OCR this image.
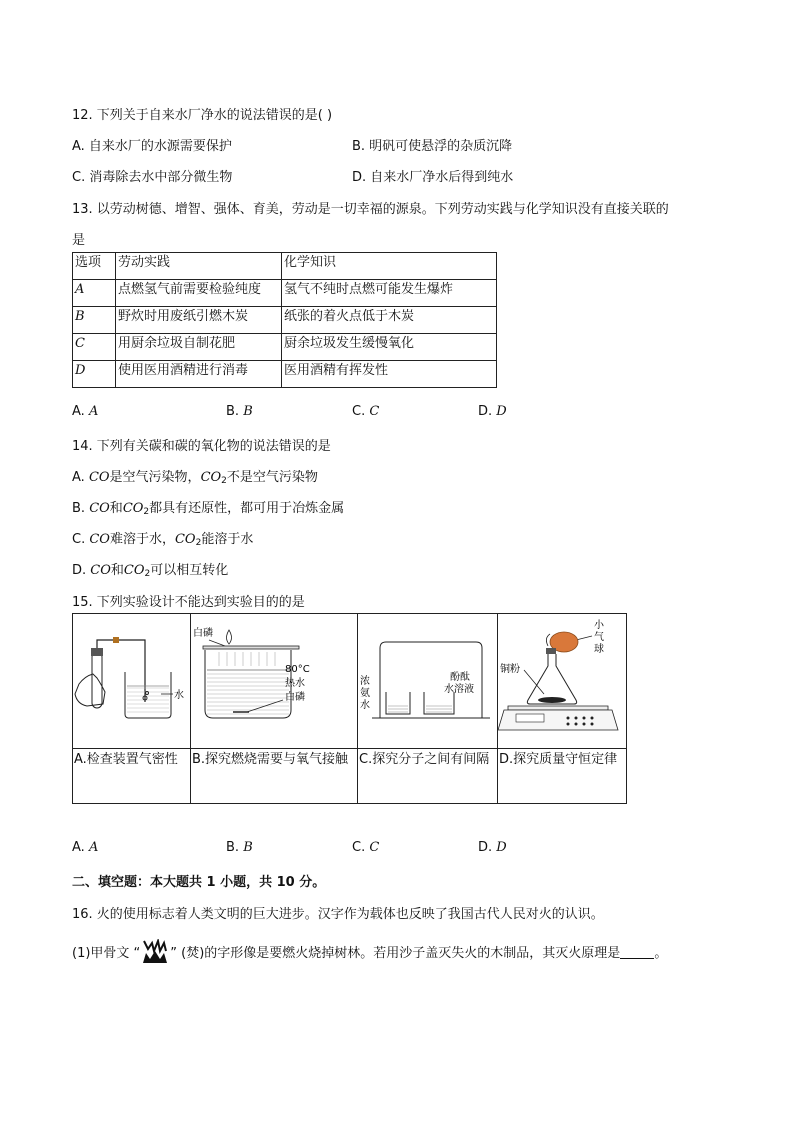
12. 下列关于自来水厂净水的说法错误的是( )
A. 自来水厂的水源需要保护	B. 明矾可使悬浮的杂质沉降
C. 消毒除去水中部分微生物	D. 自来水厂净水后得到纯水
13. 以劳动树德、增智、强体、育美，劳动是一切幸福的源泉。下列劳动实践与化学知识没有直接关联的
是
选项	劳动实践	化学知识
A	点燃氢气前需要检验纯度	氢气不纯时点燃可能发生爆炸
B	野炊时用废纸引燃木炭	纸张的着火点低于木炭
C	用厨余垃圾自制花肥	厨余垃圾发生缓慢氧化
D	使用医用酒精进行消毒	医用酒精有挥发性
A. A	B. B	C. C	D. D
14. 下列有关碳和碳的氧化物的说法错误的是
A. CO是空气污染物，$CO_2$不是空气污染物
B. CO和$CO_2$都具有还原性，都可用于冶炼金属
C. CO难溶于水，$CO_2$能溶于水
D. CO和$CO_2$可以相互转化
15. 下列实验设计不能达到实验目的的是
水	白磷
80°C
热水
白磷	浓
氨
水
酚酞
水溶液	小
气
球
铜粉

A.检查装置气密性	B.探究燃烧需要与氧气接触	C.探究分子之间有间隔	D.探究质量守恒定律
A. A	B. B	C. C	D. D
二、填空题：本大题共 1 小题，共 10 分。
16. 火的使用标志着人类文明的巨大进步。汉字作为载体也反映了我国古代人民对火的认识。
(1)甲骨文 “ ” (焚)的字形像是要燃火烧掉树林。若用沙子盖灭失火的木制品，其灭火原理是	。
